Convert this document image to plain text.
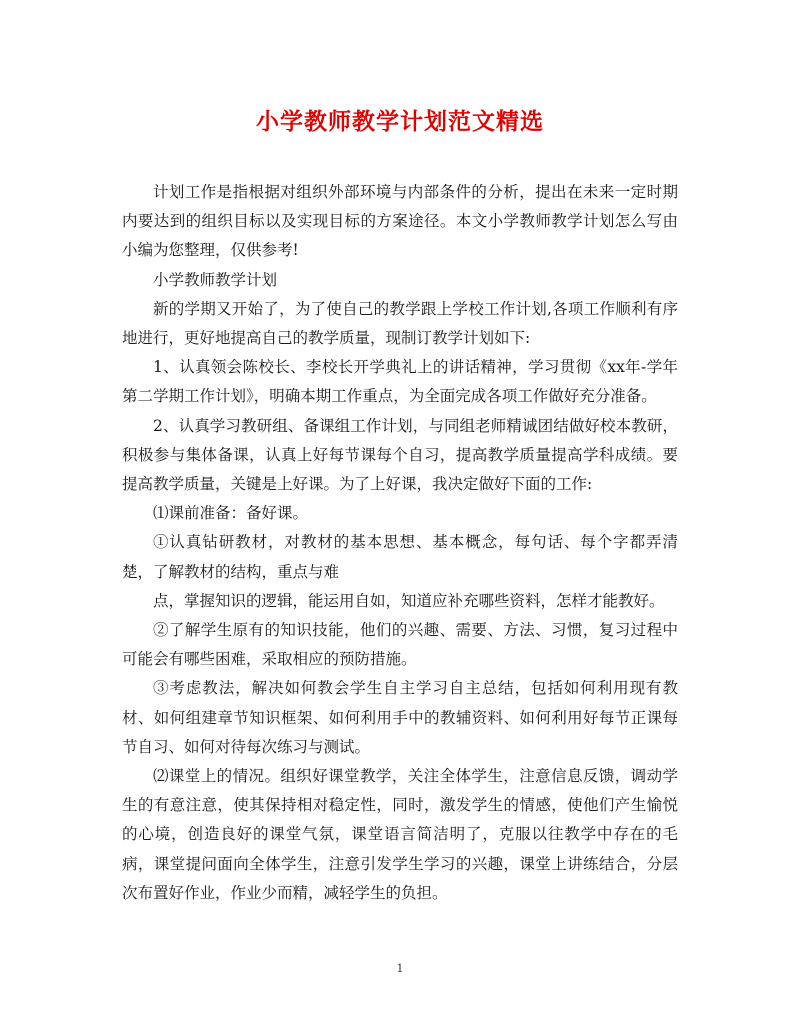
小学教师教学计划范文精选

计划工作是指根据对组织外部环境与内部条件的分析，提出在未来一定时期内要达到的组织目标以及实现目标的方案途径。本文小学教师教学计划怎么写由小编为您整理，仅供参考!

小学教师教学计划

新的学期又开始了，为了使自己的教学跟上学校工作计划,各项工作顺利有序地进行，更好地提高自己的教学质量，现制订教学计划如下:

1、认真领会陈校长、李校长开学典礼上的讲话精神，学习贯彻《xx年-学年第二学期工作计划》，明确本期工作重点，为全面完成各项工作做好充分准备。

2、认真学习教研组、备课组工作计划，与同组老师精诚团结做好校本教研，积极参与集体备课，认真上好每节课每个自习，提高教学质量提高学科成绩。要提高教学质量，关键是上好课。为了上好课，我决定做好下面的工作:

⑴课前准备：备好课。

①认真钻研教材，对教材的基本思想、基本概念，每句话、每个字都弄清楚，了解教材的结构，重点与难

点，掌握知识的逻辑，能运用自如，知道应补充哪些资料，怎样才能教好。

②了解学生原有的知识技能，他们的兴趣、需要、方法、习惯，复习过程中可能会有哪些困难，采取相应的预防措施。

③考虑教法，解决如何教会学生自主学习自主总结，包括如何利用现有教材、如何组建章节知识框架、如何利用手中的教辅资料、如何利用好每节正课每节自习、如何对待每次练习与测试。

⑵课堂上的情况。组织好课堂教学，关注全体学生，注意信息反馈，调动学生的有意注意，使其保持相对稳定性，同时，激发学生的情感，使他们产生愉悦的心境，创造良好的课堂气氛，课堂语言简洁明了，克服以往教学中存在的毛病，课堂提问面向全体学生，注意引发学生学习的兴趣，课堂上讲练结合，分层次布置好作业，作业少而精，减轻学生的负担。

1
